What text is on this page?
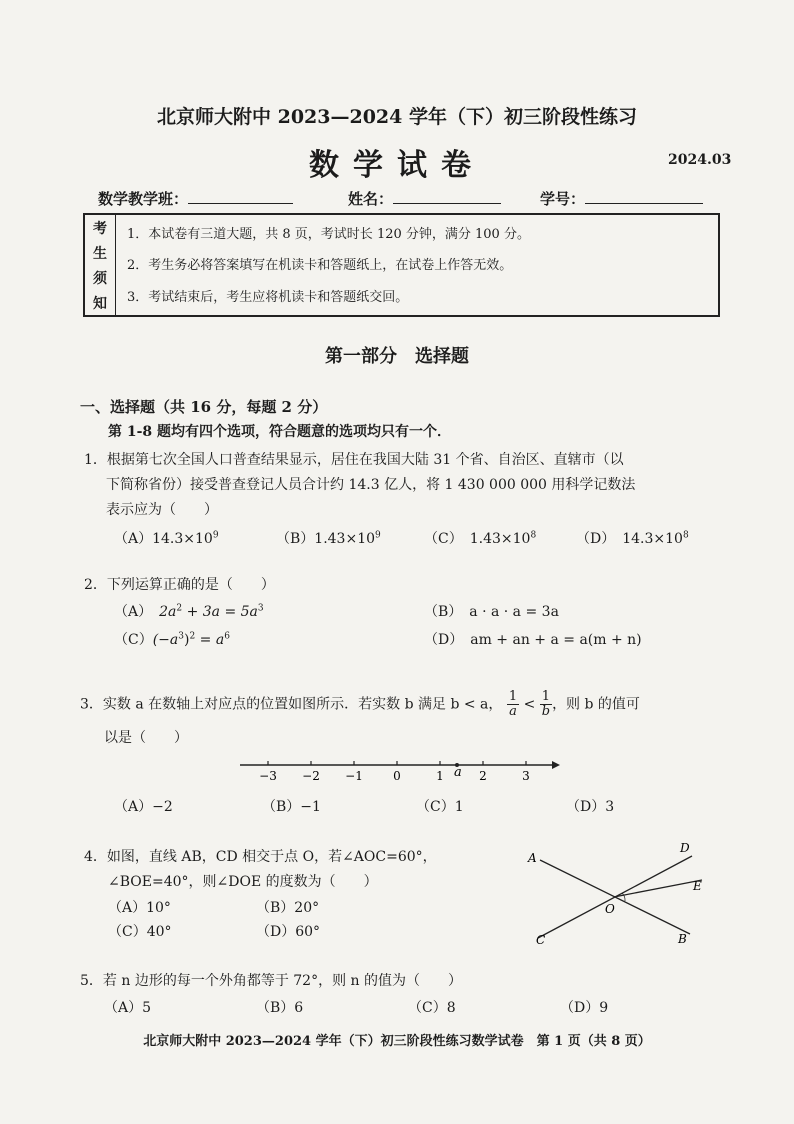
北京师大附中 2023—2024 学年（下）初三阶段性练习
数学试卷	2024.03
数学教学班：	姓名：	学号：
考
生
须
知
1．本试卷有三道大题，共 8 页，考试时长 120 分钟，满分 100 分。
2．考生务必将答案填写在机读卡和答题纸上，在试卷上作答无效。
3．考试结束后，考生应将机读卡和答题纸交回。
第一部分　选择题
一、选择题（共 16 分，每题 2 分）
第 1-8 题均有四个选项，符合题意的选项均只有一个．
1．根据第七次全国人口普查结果显示，居住在我国大陆 31 个省、自治区、直辖市（以
下简称省份）接受普查登记人员合计约 14.3 亿人，将 1 430 000 000 用科学记数法
表示应为（　　）
$(A)14.3\times 10^9$	$(B)1.43\times 10^9$	（C）　$1.43\times 10^8$	（D）　$14.3\times 10^8$
2．下列运算正确的是（　　）
（A）　 $2a^2 + 3a = 5a^3$	（B）　a · a · a = 3a
$(C)(-a^3)^2 = a^6$	（D）　am + an + a = a(m + n)
3．实数 a 在数轴上对应点的位置如图所示．若实数 b 满足 b < a， $\frac{1}{a} < \frac{1}{b}$ ，则 b 的值可
以是（　　）
−3 −2 −1	0	1	2	3
a
（A）−2	（B）−1	（C）1	（D）3
4．如图，直线 AB，CD 相交于点 O，若∠AOC=60°，
∠BOE=40°，则∠DOE 的度数为（　　）
（A）10°	（B）20°
（C）40°	（D）60°
A
D
E
O
C	B
5．若 n 边形的每一个外角都等于 72°，则 n 的值为（　　）
（A）5	（B）6	（C）8	（D）9
北京师大附中 2023—2024 学年（下）初三阶段性练习数学试卷　第 1 页（共 8 页）
